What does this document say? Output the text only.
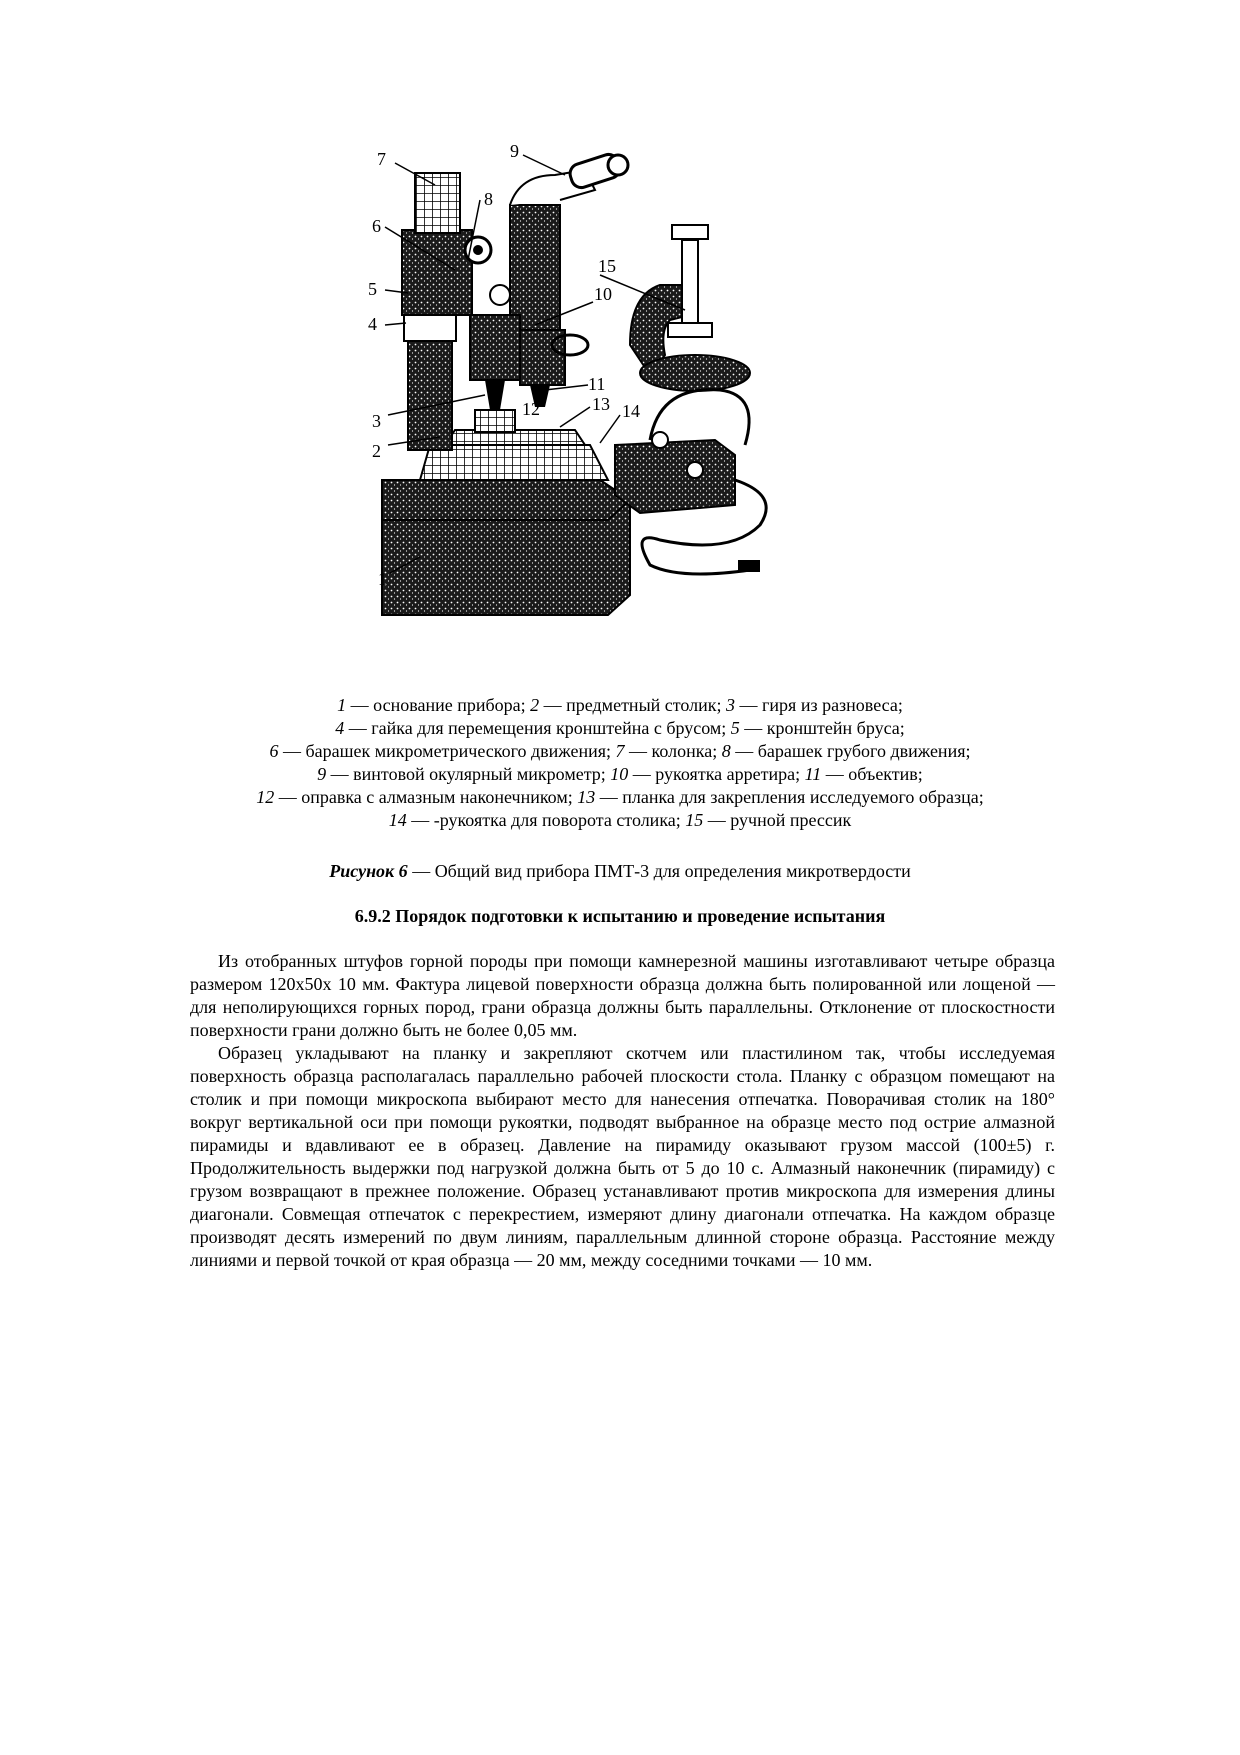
7	9
8
6
15
5	10
4
11
13
12	14
3
2
1
1 — основание прибора; 2 — предметный столик; 3 — гиря из разновеса;
4 — гайка для перемещения кронштейна с брусом; 5 — кронштейн бруса;
6 — барашек микрометрического движения; 7 — колонка; 8 — барашек грубого движения;
9 — винтовой окулярный микрометр; 10 — рукоятка арретира; 11 — объектив;
12 — оправка с алмазным наконечником; 13 — планка для закрепления исследуемого образца;
14 — -рукоятка для поворота столика; 15 — ручной прессик
Рисунок 6 — Общий вид прибора ПМТ-3 для определения микротвердости
6.9.2 Порядок подготовки к испытанию и проведение испытания

Из отобранных штуфов горной породы при помощи камнерезной машины изготавливают четыре образца размером 120х50х 10 мм. Фактура лицевой поверхности образца должна быть полированной или лощеной — для неполирующихся горных пород, грани образца должны быть параллельны. Отклонение от плоскостности поверхности грани должно быть не более 0,05 мм.

Образец укладывают на планку и закрепляют скотчем или пластилином так, чтобы исследуемая поверхность образца располагалась параллельно рабочей плоскости стола. Планку с образцом помещают на столик и при помощи микроскопа выбирают место для нанесения отпечатка. Поворачивая столик на 180° вокруг вертикальной оси при помощи рукоятки, подводят выбранное на образце место под острие алмазной пирамиды и вдавливают ее в образец. Давление на пирамиду оказывают грузом массой (100±5) г. Продолжительность выдержки под нагрузкой должна быть от 5 до 10 с. Алмазный наконечник (пирамиду) с грузом возвращают в прежнее положение. Образец устанавливают против микроскопа для измерения длины диагонали. Совмещая отпечаток с перекрестием, измеряют длину диагонали отпечатка. На каждом образце производят десять измерений по двум линиям, параллельным длинной стороне образца. Расстояние между линиями и первой точкой от края образца — 20 мм, между соседними точками — 10 мм.
